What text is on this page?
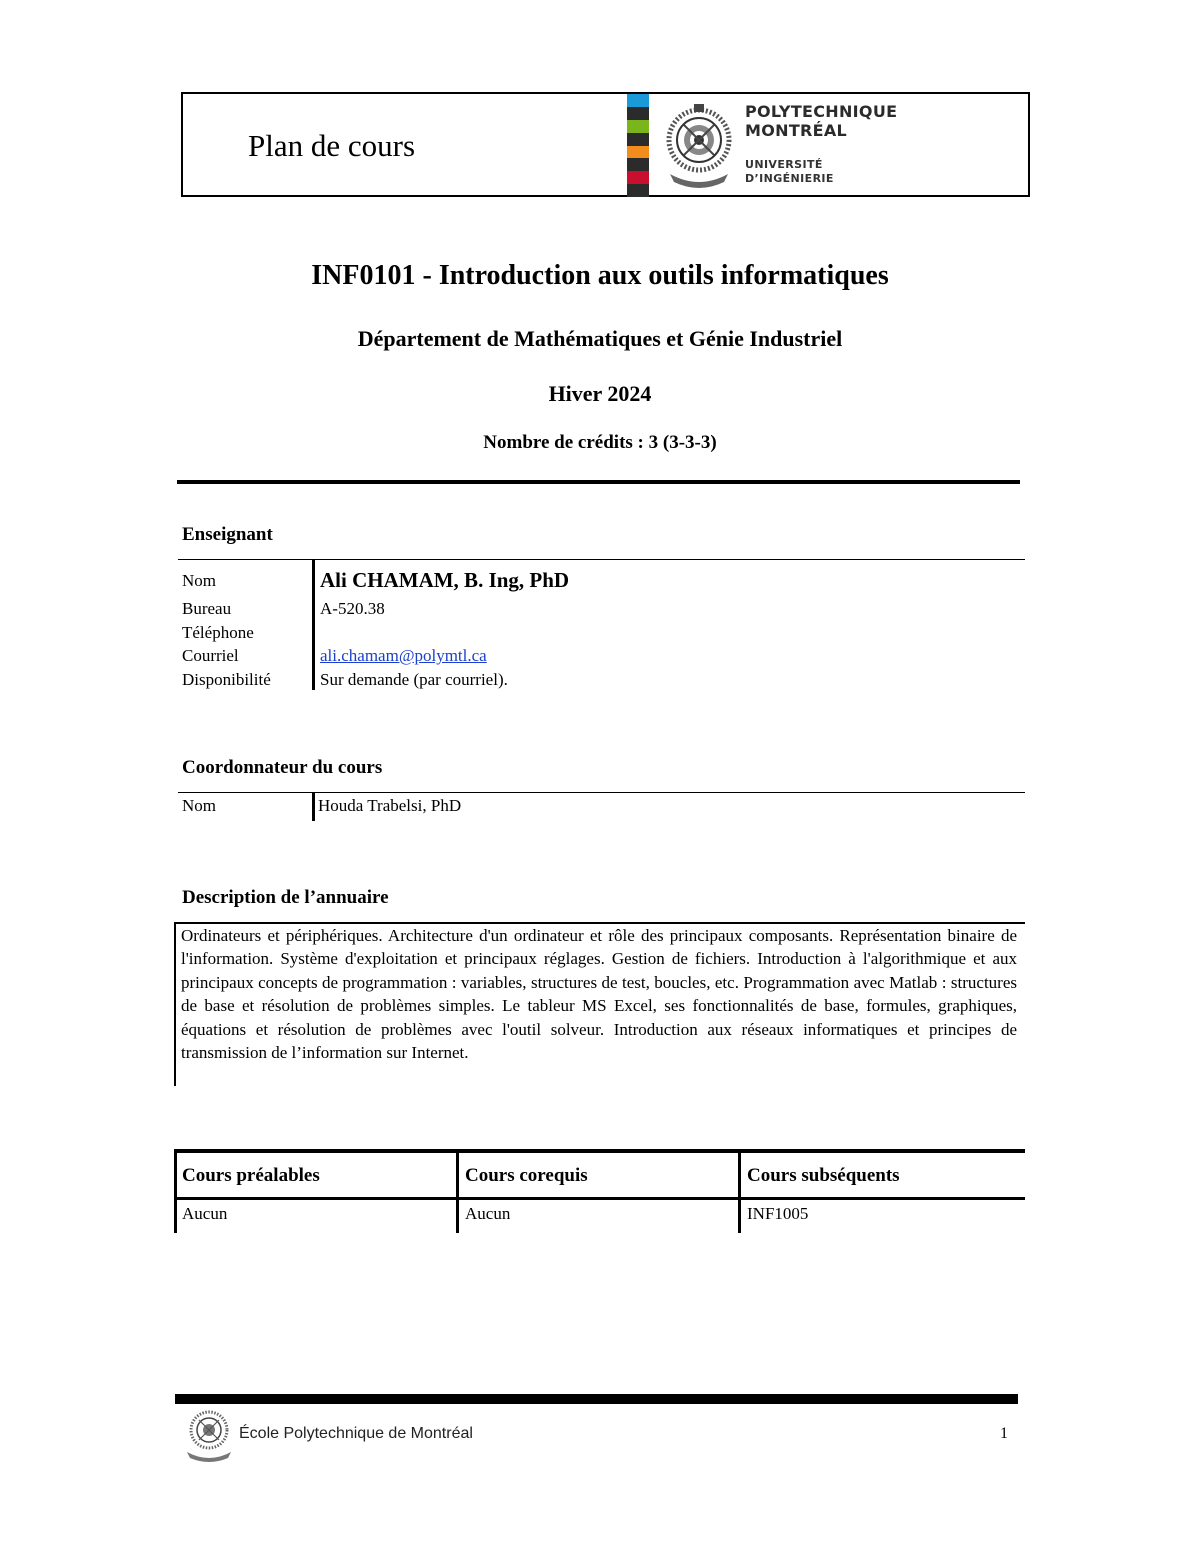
Plan de cours
POLYTECHNIQUE
MONTRÉAL
UNIVERSITÉ
D’INGÉNIERIE
INF0101 - Introduction aux outils informatiques
Département de Mathématiques et Génie Industriel
Hiver 2024
Nombre de crédits : 3 (3-3-3)
Enseignant
Nom	Ali CHAMAM, B. Ing, PhD
Bureau	A-520.38
Téléphone
Courriel	ali.chamam@polymtl.ca
Disponibilité	Sur demande (par courriel).
Coordonnateur du cours
Nom	Houda Trabelsi, PhD
Description de l’annuaire
Ordinateurs et périphériques. Architecture d'un ordinateur et rôle des principaux composants. Représentation binaire de l'information. Système d'exploitation et principaux réglages. Gestion de fichiers. Introduction à l'algorithmique et aux principaux concepts de programmation : variables, structures de test, boucles, etc. Programmation avec Matlab : structures de base et résolution de problèmes simples. Le tableur MS Excel, ses fonctionnalités de base, formules, graphiques, équations et résolution de problèmes avec l'outil solveur. Introduction aux réseaux informatiques et principes de transmission de l’information sur Internet.
Cours préalables	Cours corequis	Cours subséquents
Aucun	Aucun	INF1005
École Polytechnique de Montréal	1
